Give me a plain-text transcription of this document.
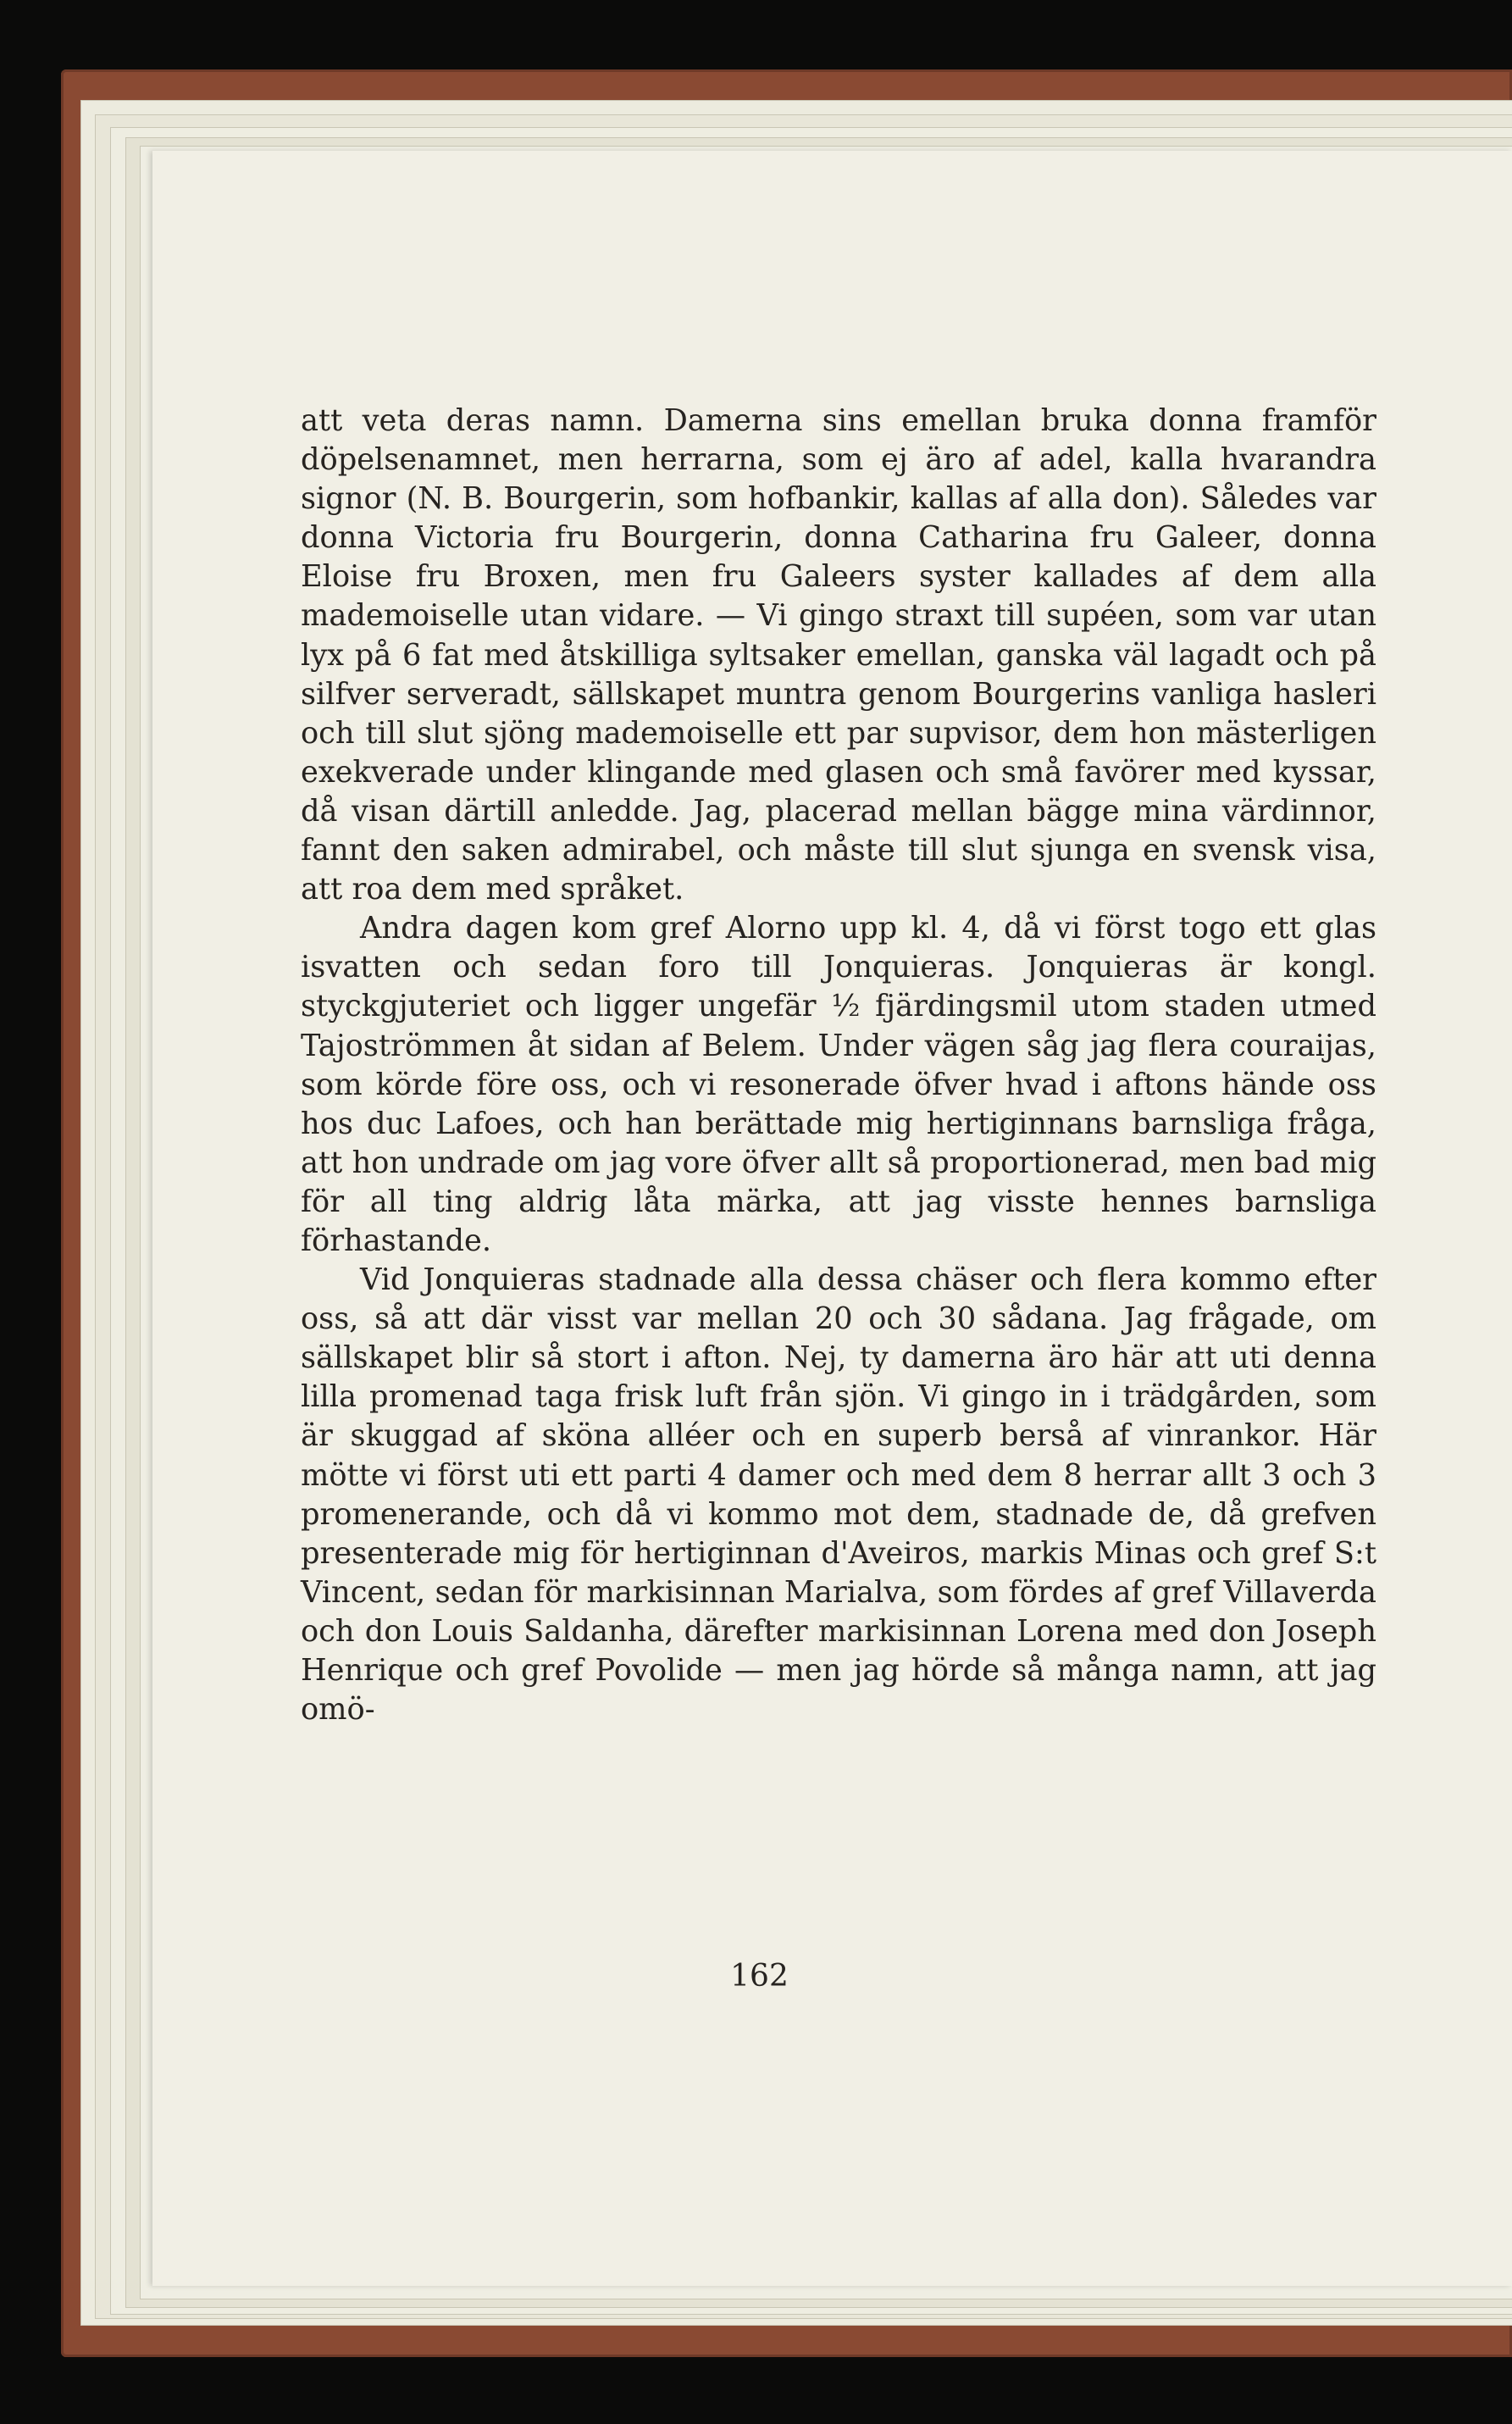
att veta deras namn. Damerna sins emellan bruka donna framför döpelsenamnet, men herrarna, som ej äro af adel, kalla hvarandra signor (N. B. Bourgerin, som hofbankir, kallas af alla don). Således var donna Victoria fru Bourgerin, donna Catharina fru Galeer, donna Eloise fru Broxen, men fru Galeers syster kallades af dem alla mademoiselle utan vidare. — Vi gingo straxt till supéen, som var utan lyx på 6 fat med åtskilliga syltsaker emellan, ganska väl lagadt och på silfver serveradt, sällskapet muntra genom Bourgerins vanliga hasleri och till slut sjöng mademoiselle ett par supvisor, dem hon mästerligen exekverade under klingande med glasen och små favörer med kyssar, då visan därtill anledde. Jag, placerad mellan bägge mina värdinnor, fannt den saken admirabel, och måste till slut sjunga en svensk visa, att roa dem med språket.

Andra dagen kom gref Alorno upp kl. 4, då vi först togo ett glas isvatten och sedan foro till Jonquieras. Jonquieras är kongl. styckgjuteriet och ligger ungefär ½ fjärdingsmil utom staden utmed Tajoströmmen åt sidan af Belem. Under vägen såg jag flera couraijas, som körde före oss, och vi resonerade öfver hvad i aftons hände oss hos duc Lafoes, och han berättade mig hertiginnans barnsliga fråga, att hon undrade om jag vore öfver allt så proportionerad, men bad mig för all ting aldrig låta märka, att jag visste hennes barnsliga förhastande.

Vid Jonquieras stadnade alla dessa chäser och flera kommo efter oss, så att där visst var mellan 20 och 30 sådana. Jag frågade, om sällskapet blir så stort i afton. Nej, ty damerna äro här att uti denna lilla promenad taga frisk luft från sjön. Vi gingo in i trädgården, som är skuggad af sköna alléer och en superb berså af vinrankor. Här mötte vi först uti ett parti 4 damer och med dem 8 herrar allt 3 och 3 promenerande, och då vi kommo mot dem, stadnade de, då grefven presenterade mig för hertiginnan d'Aveiros, markis Minas och gref S:t Vincent, sedan för markisinnan Marialva, som fördes af gref Villaverda och don Louis Saldanha, därefter markisinnan Lorena med don Joseph Henrique och gref Povolide — men jag hörde så många namn, att jag omö-

162
